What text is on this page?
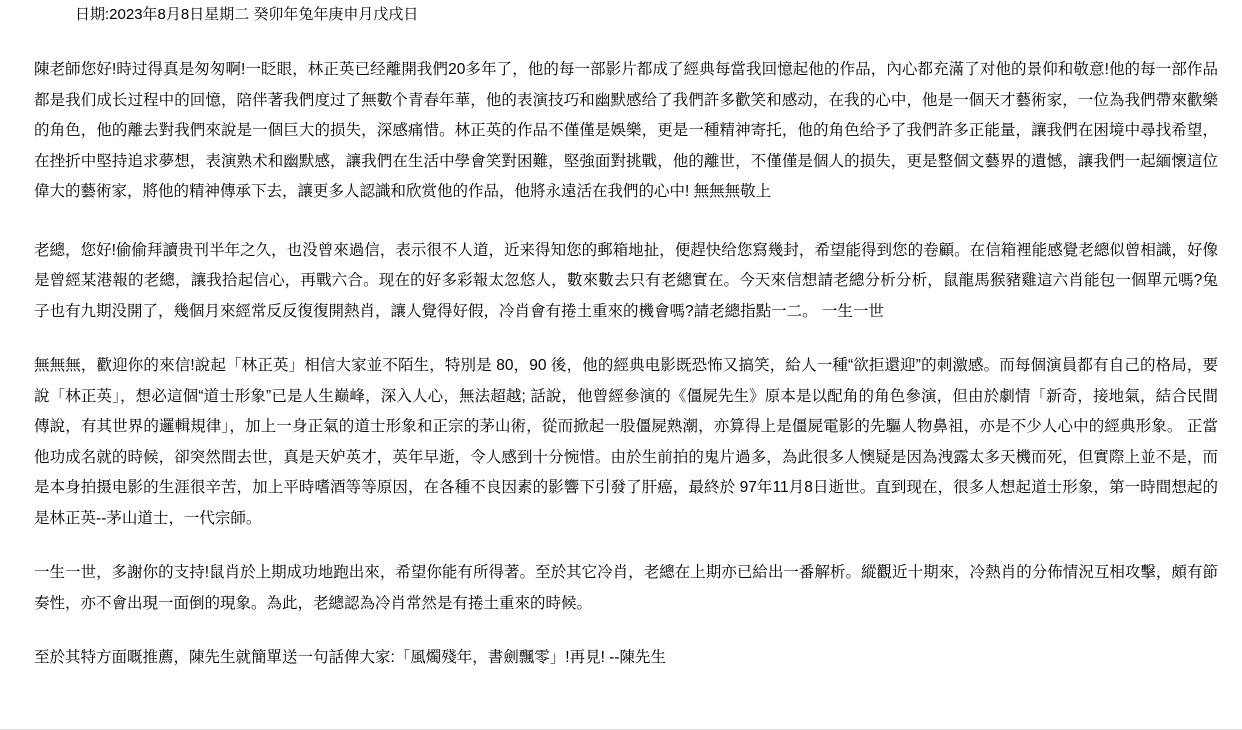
日期:2023年8月8日星期二 癸卯年兔年庚申月戊戌日

陳老師您好!時过得真是匆匆啊!一眨眼，林正英已经離開我們20多年了，他的每一部影片都成了經典每當我回憶起他的作品，內心都充滿了对他的景仰和敬意!他的每一部作品都是我们成长过程中的回憶，陪伴著我們度过了無數个青春年華，他的表演技巧和幽默感给了我們許多歡笑和感动，在我的心中，他是一個天才藝術家，一位為我們帶來歡樂的角色，他的離去對我們來說是一個巨大的损失，深感痛惜。林正英的作品不僅僅是娛樂，更是一種精神寄托，他的角色给予了我們許多正能量，讓我們在困境中尋找希望，在挫折中堅持追求夢想，表演熟术和幽默感，讓我們在生活中學會笑對困難，堅強面對挑戰，他的離世，不僅僅是個人的损失，更是整個文藝界的遺憾，讓我們一起緬懷這位偉大的藝術家，將他的精神傳承下去，讓更多人認識和欣赏他的作品，他將永遠活在我們的心中! 無無無敬上

老總，您好!偷偷拜讀贵刊半年之久，也没曾來過信，表示很不人道，近来得知您的郵箱地扯，便趕快给您寫幾封，希望能得到您的卷顧。在信箱裡能感覺老總似曾相識，好像是曾經某港報的老總，讓我拾起信心，再戰六合。现在的好多彩報太忽悠人，數來數去只有老總實在。今天來信想請老總分析分析，鼠龍馬猴豬雞這六肖能包一個單元嗎?兔子也有九期没開了，幾個月來經常反反復復開熱肖，讓人覺得好假，冷肖會有捲土重來的機會嗎?請老總指點一二。 一生一世

無無無，歡迎你的來信!說起「林正英」相信大家並不陌生，特別是 80，90 後，他的經典电影既恐怖又搞笑，給人一種“欲拒還迎”的刺激感。而每個演員都有自己的格局，要說「林正英」，想必這個“道士形象”已是人生巅峰，深入人心，無法超越; 話說，他曾經參演的《僵屍先生》原本是以配角的角色參演，但由於劇情「新奇，接地氣，結合民間傳說，有其世界的邏輯規律」，加上一身正氣的道士形象和正宗的茅山術，從而掀起一股僵屍熟潮，亦算得上是僵屍電影的先驅人物鼻祖，亦是不少人心中的經典形象。 正當他功成名就的時候，卻突然間去世，真是天妒英才，英年早逝，令人感到十分惋惜。由於生前拍的鬼片過多，為此很多人懊疑是因為洩露太多天機而死，但實際上並不是，而是本身拍摄电影的生涯很辛苦，加上平時嗜酒等等原因，在各種不良因素的影響下引發了肝癌，最終於 97年11月8日逝世。直到现在，很多人想起道士形象，第一時間想起的是林正英--茅山道士，一代宗師。

一生一世，多謝你的支持!鼠肖於上期成功地跑出來，希望你能有所得著。至於其它冷肖，老總在上期亦已給出一番解析。縱觀近十期來，冷熱肖的分佈情況互相攻擊，頗有節奏性，亦不會出現一面倒的現象。為此，老總認為冷肖常然是有捲土重來的時候。

至於其特方面嘅推薦，陳先生就簡單送一句話俾大家:「風燭殘年，書劍飄零」!再見! --陳先生
